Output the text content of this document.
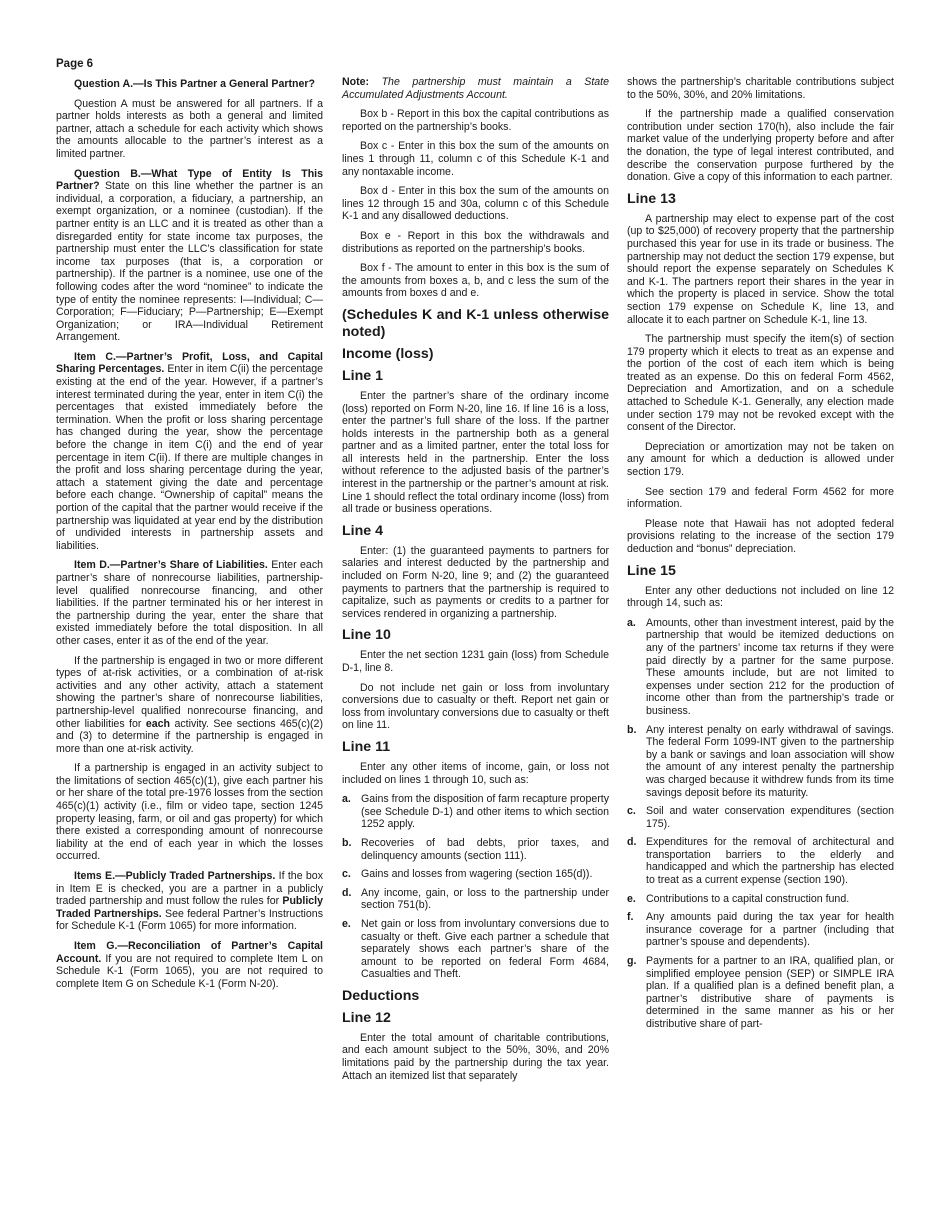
Page 6

Question A.—Is This Partner a General Partner?

Question A must be answered for all partners. If a partner holds interests as both a general and limited partner, attach a schedule for each activity which shows the amounts allocable to the partner’s interest as a limited partner.

Question B.—What Type of Entity Is This Partner? State on this line whether the partner is an individual, a corporation, a fiduciary, a partnership, an exempt organization, or a nominee (custodian). If the partner entity is an LLC and it is treated as other than a disregarded entity for state income tax purposes, the partnership must enter the LLC’s classification for state income tax purposes (that is, a corporation or partnership). If the partner is a nominee, use one of the following codes after the word “nominee” to indicate the type of entity the nominee represents: I—Individual; C—Corporation; F—Fiduciary; P—Partnership; E—Exempt Organization; or IRA—Individual Retirement Arrangement.

Item C.—Partner’s Profit, Loss, and Capital Sharing Percentages. Enter in item C(ii) the percentage existing at the end of the year. However, if a partner’s interest terminated during the year, enter in item C(i) the percentages that existed immediately before the termination. When the profit or loss sharing percentage has changed during the year, show the percentage before the change in item C(i) and the end of year percentage in item C(ii). If there are multiple changes in the profit and loss sharing percentage during the year, attach a statement giving the date and percentage before each change. “Ownership of capital” means the portion of the capital that the partner would receive if the partnership was liquidated at year end by the distribution of undivided interests in partnership assets and liabilities.

Item D.—Partner’s Share of Liabilities. Enter each partner’s share of nonrecourse liabilities, partnership-level qualified nonrecourse financing, and other liabilities. If the partner terminated his or her interest in the partnership during the year, enter the share that existed immediately before the total disposition. In all other cases, enter it as of the end of the year.

If the partnership is engaged in two or more different types of at-risk activities, or a combination of at-risk activities and any other activity, attach a statement showing the partner’s share of nonrecourse liabilities, partnership-level qualified nonrecourse financing, and other liabilities for each activity. See sections 465(c)(2) and (3) to determine if the partnership is engaged in more than one at-risk activity.

If a partnership is engaged in an activity subject to the limitations of section 465(c)(1), give each partner his or her share of the total pre-1976 losses from the section 465(c)(1) activity (i.e., film or video tape, section 1245 property leasing, farm, or oil and gas property) for which there existed a corresponding amount of nonrecourse liability at the end of each year in which the losses occurred.

Items E.—Publicly Traded Partnerships. If the box in Item E is checked, you are a partner in a publicly traded partnership and must follow the rules for Publicly Traded Partnerships. See federal Partner’s Instructions for Schedule K-1 (Form 1065) for more information.

Item G.—Reconciliation of Partner’s Capital Account. If you are not required to complete Item L on Schedule K-1 (Form 1065), you are not required to complete Item G on Schedule K-1 (Form N-20).

Note: The partnership must maintain a State Accumulated Adjustments Account.

Box b - Report in this box the capital contributions as reported on the partnership’s books.

Box c - Enter in this box the sum of the amounts on lines 1 through 11, column c of this Schedule K-1 and any nontaxable income.

Box d - Enter in this box the sum of the amounts on lines 12 through 15 and 30a, column c of this Schedule K-1 and any disallowed deductions.

Box e - Report in this box the withdrawals and distributions as reported on the partnership’s books.

Box f - The amount to enter in this box is the sum of the amounts from boxes a, b, and c less the sum of the amounts from boxes d and e.

(Schedules K and K-1 unless otherwise noted)
Income (loss)
Line 1

Enter the partner’s share of the ordinary income (loss) reported on Form N-20, line 16. If line 16 is a loss, enter the partner’s full share of the loss. If the partner holds interests in the partnership both as a general partner and as a limited partner, enter the total loss for all interests held in the partnership. Enter the loss without reference to the adjusted basis of the partner’s interest in the partnership or the partner’s amount at risk. Line 1 should reflect the total ordinary income (loss) from all trade or business operations.

Line 4

Enter: (1) the guaranteed payments to partners for salaries and interest deducted by the partnership and included on Form N-20, line 9; and (2) the guaranteed payments to partners that the partnership is required to capitalize, such as payments or credits to a partner for services rendered in organizing a partnership.

Line 10

Enter the net section 1231 gain (loss) from Schedule D-1, line 8.

Do not include net gain or loss from involuntary conversions due to casualty or theft. Report net gain or loss from involuntary conversions due to casualty or theft on line 11.

Line 11

Enter any other items of income, gain, or loss not included on lines 1 through 10, such as:

a. Gains from the disposition of farm recapture property (see Schedule D-1) and other items to which section 1252 apply.
b. Recoveries of bad debts, prior taxes, and delinquency amounts (section 111).
c. Gains and losses from wagering (section 165(d)).
d. Any income, gain, or loss to the partnership under section 751(b).
e. Net gain or loss from involuntary conversions due to casualty or theft. Give each partner a schedule that separately shows each partner’s share of the amount to be reported on federal Form 4684, Casualties and Theft.
Deductions
Line 12

Enter the total amount of charitable contributions, and each amount subject to the 50%, 30%, and 20% limitations paid by the partnership during the tax year. Attach an itemized list that separately

shows the partnership’s charitable contributions subject to the 50%, 30%, and 20% limitations.

If the partnership made a qualified conservation contribution under section 170(h), also include the fair market value of the underlying property before and after the donation, the type of legal interest contributed, and describe the conservation purpose furthered by the donation. Give a copy of this information to each partner.

Line 13

A partnership may elect to expense part of the cost (up to $25,000) of recovery property that the partnership purchased this year for use in its trade or business. The partnership may not deduct the section 179 expense, but should report the expense separately on Schedules K and K-1. The partners report their shares in the year in which the property is placed in service. Show the total section 179 expense on Schedule K, line 13, and allocate it to each partner on Schedule K-1, line 13.

The partnership must specify the item(s) of section 179 property which it elects to treat as an expense and the portion of the cost of each item which is being treated as an expense. Do this on federal Form 4562, Depreciation and Amortization, and on a schedule attached to Schedule K-1. Generally, any election made under section 179 may not be revoked except with the consent of the Director.

Depreciation or amortization may not be taken on any amount for which a deduction is allowed under section 179.

See section 179 and federal Form 4562 for more information.

Please note that Hawaii has not adopted federal provisions relating to the increase of the section 179 deduction and “bonus” depreciation.

Line 15

Enter any other deductions not included on line 12 through 14, such as:

a. Amounts, other than investment interest, paid by the partnership that would be itemized deductions on any of the partners’ income tax returns if they were paid directly by a partner for the same purpose. These amounts include, but are not limited to expenses under section 212 for the production of income other than from the partnership’s trade or business.
b. Any interest penalty on early withdrawal of savings. The federal Form 1099-INT given to the partnership by a bank or savings and loan association will show the amount of any interest penalty the partnership was charged because it withdrew funds from its time savings deposit before its maturity.
c. Soil and water conservation expenditures (section 175).
d. Expenditures for the removal of architectural and transportation barriers to the elderly and handicapped and which the partnership has elected to treat as a current expense (section 190).
e. Contributions to a capital construction fund.
f. Any amounts paid during the tax year for health insurance coverage for a partner (including that partner’s spouse and dependents).
g. Payments for a partner to an IRA, qualified plan, or simplified employee pension (SEP) or SIMPLE IRA plan. If a qualified plan is a defined benefit plan, a partner’s distributive share of payments is determined in the same manner as his or her distributive share of part-
